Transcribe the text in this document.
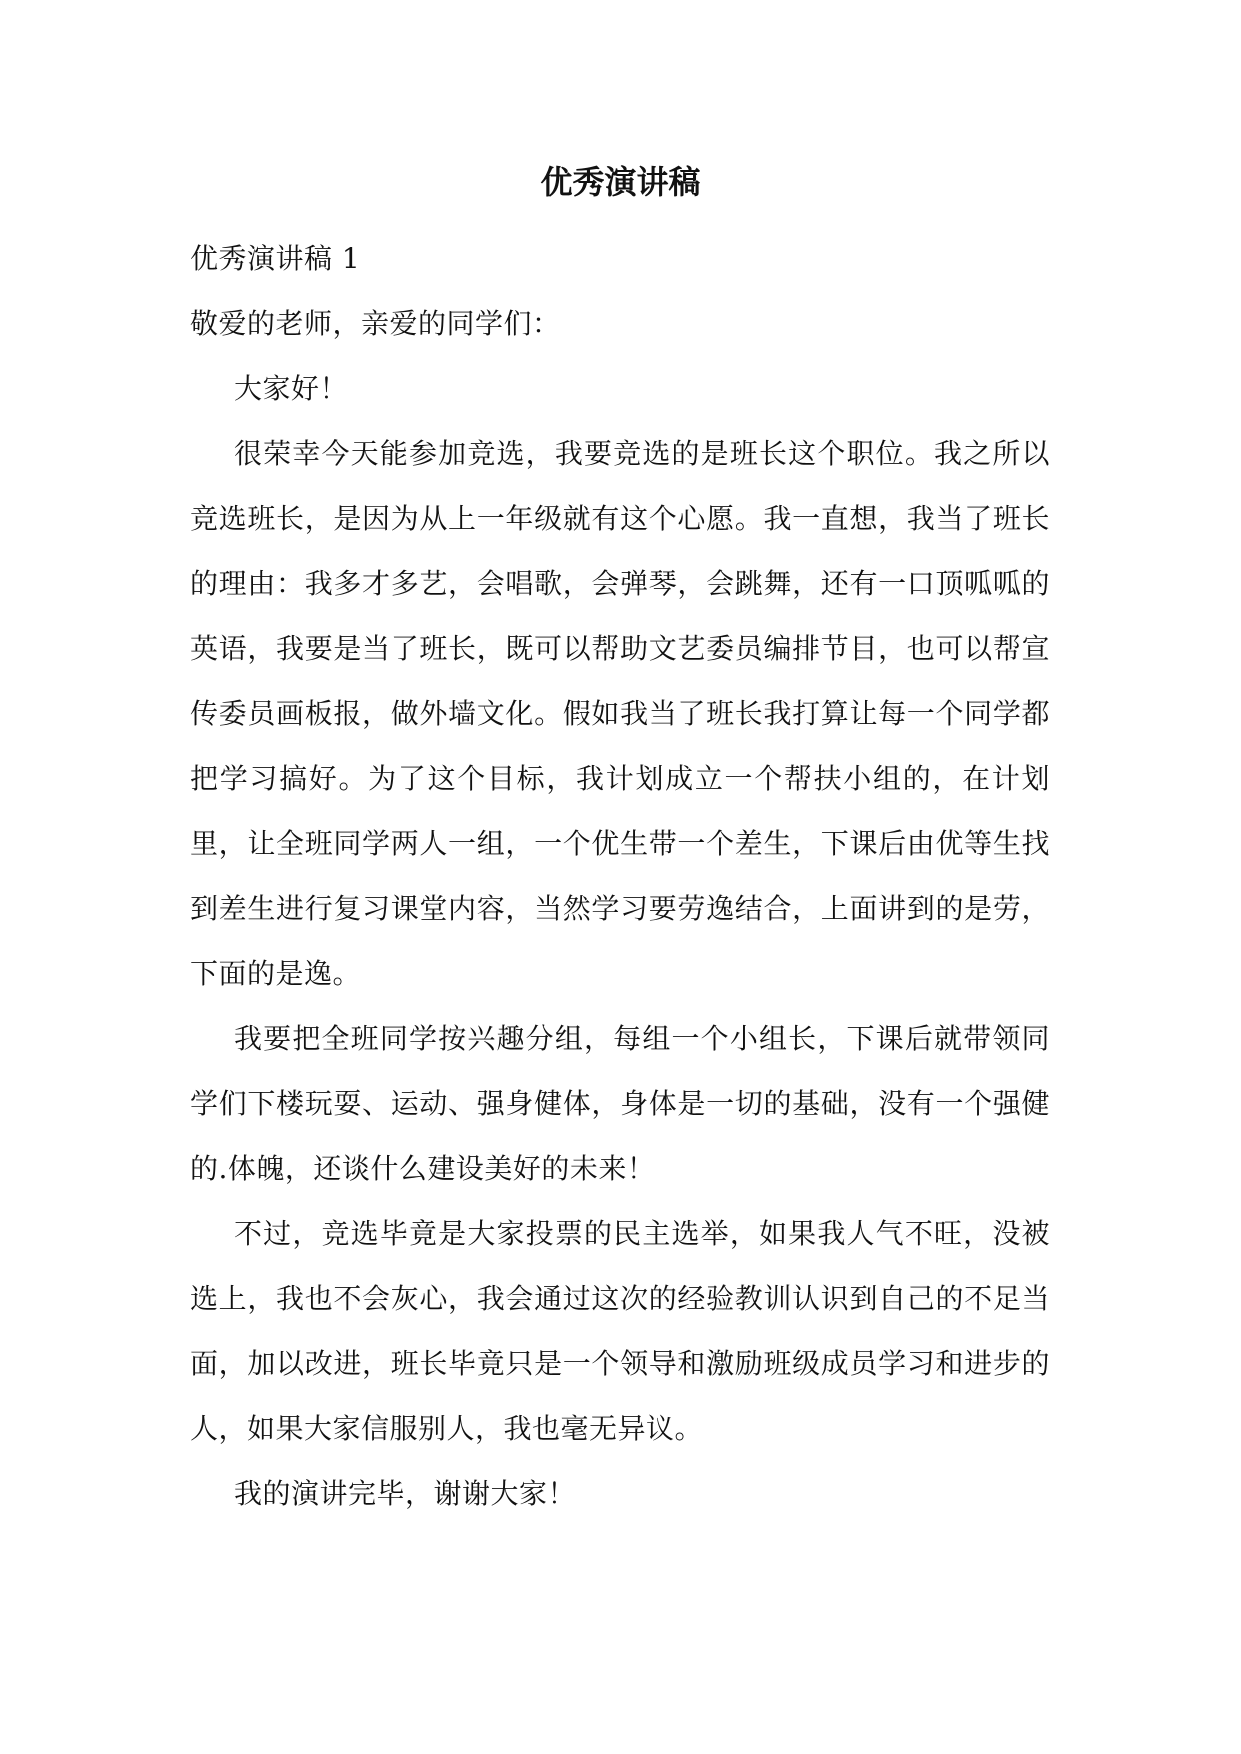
优秀演讲稿

优秀演讲稿 1

敬爱的老师，亲爱的同学们：

大家好！

很荣幸今天能参加竞选，我要竞选的是班长这个职位。我之所以竞选班长，是因为从上一年级就有这个心愿。我一直想，我当了班长的理由：我多才多艺，会唱歌，会弹琴，会跳舞，还有一口顶呱呱的英语，我要是当了班长，既可以帮助文艺委员编排节目，也可以帮宣传委员画板报，做外墙文化。假如我当了班长我打算让每一个同学都把学习搞好。为了这个目标，我计划成立一个帮扶小组的，在计划里，让全班同学两人一组，一个优生带一个差生，下课后由优等生找到差生进行复习课堂内容，当然学习要劳逸结合，上面讲到的是劳，下面的是逸。

我要把全班同学按兴趣分组，每组一个小组长，下课后就带领同学们下楼玩耍、运动、强身健体，身体是一切的基础，没有一个强健的.体魄，还谈什么建设美好的未来！

不过，竞选毕竟是大家投票的民主选举，如果我人气不旺，没被选上，我也不会灰心，我会通过这次的经验教训认识到自己的不足当面，加以改进，班长毕竟只是一个领导和激励班级成员学习和进步的人，如果大家信服别人，我也毫无异议。

我的演讲完毕，谢谢大家！
